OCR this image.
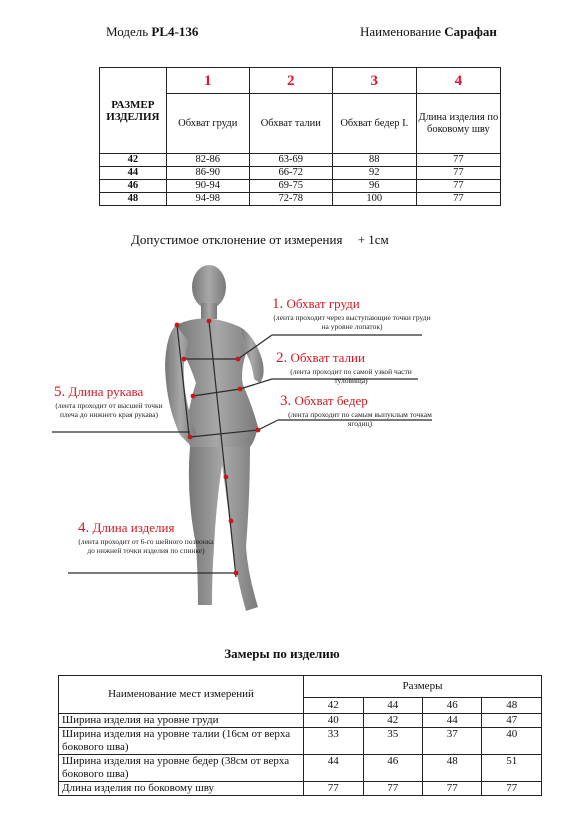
Модель PL4-136	Наименование Сарафан
РАЗМЕР ИЗДЕЛИЯ	1	2	3	4
	Обхват груди	Обхват талии	Обхват бедер I.	Длина изделия по боковому шву
42	82-86	63-69	88	77
44	86-90	66-72	92	77
46	90-94	69-75	96	77
48	94-98	72-78	100	77
Допустимое отклонение от измерения + 1см
1. Обхват груди
(лента проходит через выступающие точки груди на уровне лопаток)
2. Обхват талии
(лента проходит по самой узкой части туловища)
3. Обхват бедер
(лента проходит по самым выпуклым точкам ягодиц)
5. Длина рукава
(лента проходит от высшей точки плеча до нижнего края рукава)
4. Длина изделия
(лента проходит от 6-го шейного позвонка до нижней точки изделия по спинке)
Замеры по изделию
Наименование мест измерений	Размеры			
	42	44	46	48
Ширина изделия на уровне груди	40	42	44	47
Ширина изделия на уровне талии (16см от верха бокового шва)	33	35	37	40
Ширина изделия на уровне бедер (38см от верха бокового шва)	44	46	48	51
Длина изделия по боковому шву	77	77	77	77
